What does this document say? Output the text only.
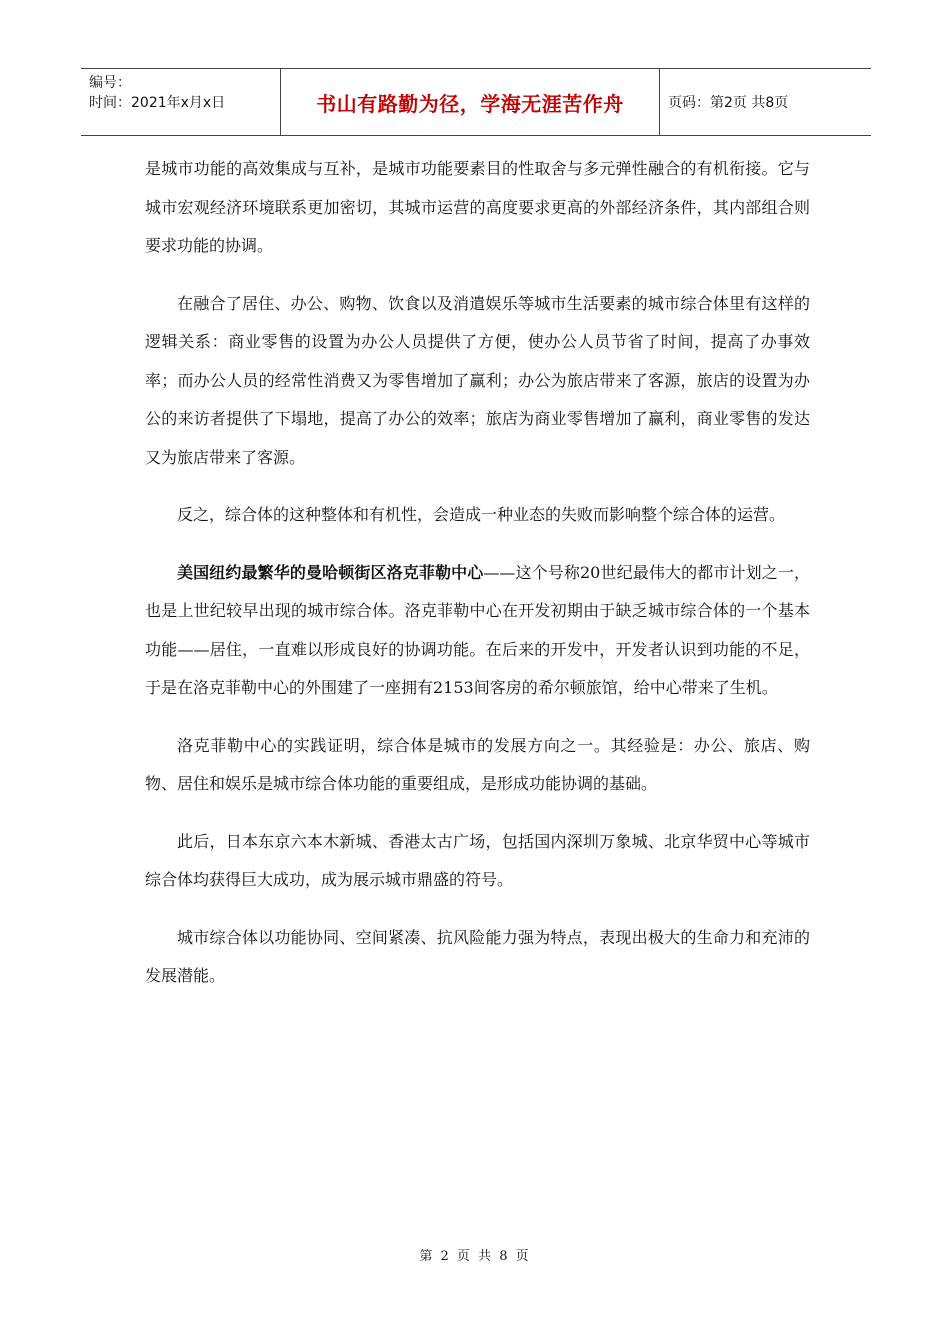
编号：
时间：2021年x月x日	书山有路勤为径，学海无涯苦作舟	页码：第2页 共8页

是城市功能的高效集成与互补，是城市功能要素目的性取舍与多元弹性融合的有机衔接。它与城市宏观经济环境联系更加密切，其城市运营的高度要求更高的外部经济条件，其内部组合则要求功能的协调。

在融合了居住、办公、购物、饮食以及消遣娱乐等城市生活要素的城市综合体里有这样的逻辑关系：商业零售的设置为办公人员提供了方便，使办公人员节省了时间，提高了办事效率；而办公人员的经常性消费又为零售增加了赢利；办公为旅店带来了客源，旅店的设置为办公的来访者提供了下塌地，提高了办公的效率；旅店为商业零售增加了赢利，商业零售的发达又为旅店带来了客源。

反之，综合体的这种整体和有机性，会造成一种业态的失败而影响整个综合体的运营。

美国纽约最繁华的曼哈顿街区洛克菲勒中心——这个号称20世纪最伟大的都市计划之一，也是上世纪较早出现的城市综合体。洛克菲勒中心在开发初期由于缺乏城市综合体的一个基本功能——居住，一直难以形成良好的协调功能。在后来的开发中，开发者认识到功能的不足，于是在洛克菲勒中心的外围建了一座拥有2153间客房的希尔顿旅馆，给中心带来了生机。

洛克菲勒中心的实践证明，综合体是城市的发展方向之一。其经验是：办公、旅店、购物、居住和娱乐是城市综合体功能的重要组成，是形成功能协调的基础。

此后，日本东京六本木新城、香港太古广场，包括国内深圳万象城、北京华贸中心等城市综合体均获得巨大成功，成为展示城市鼎盛的符号。

城市综合体以功能协同、空间紧凑、抗风险能力强为特点，表现出极大的生命力和充沛的发展潜能。

第 2 页 共 8 页
